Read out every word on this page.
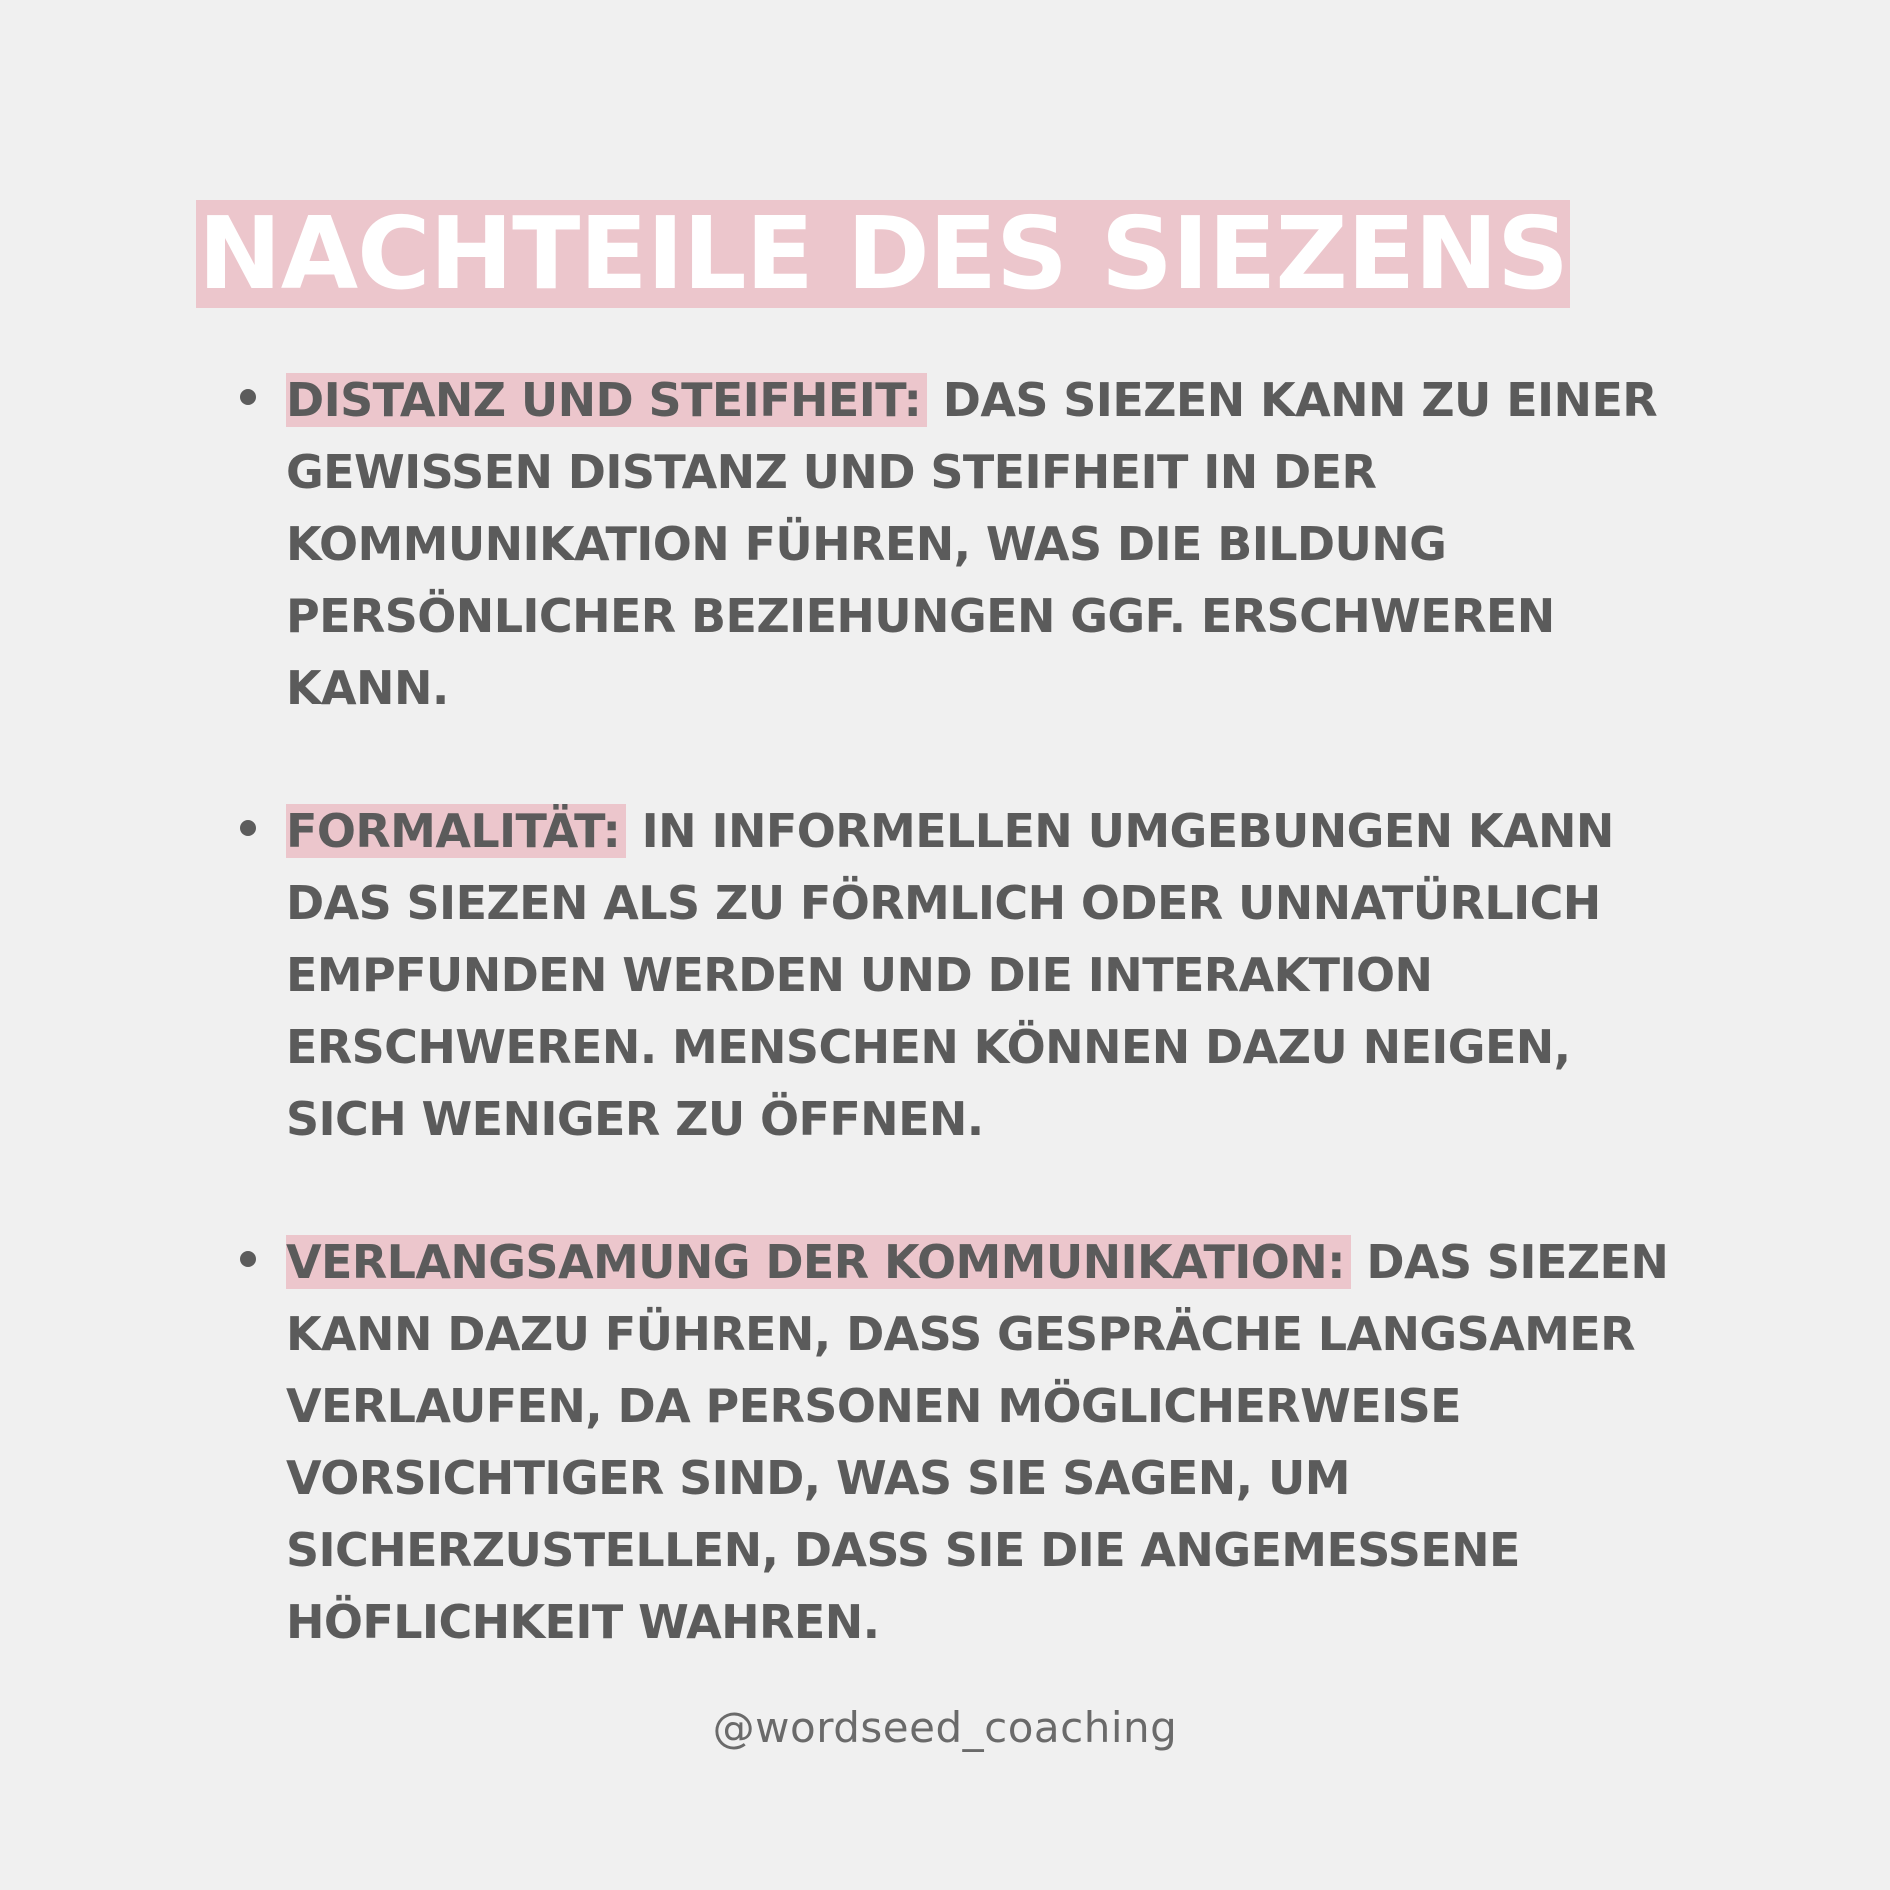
NACHTEILE DES SIEZENS

DISTANZ UND STEIFHEIT: DAS SIEZEN KANN ZU EINER GEWISSEN DISTANZ UND STEIFHEIT IN DER KOMMUNIKATION FÜHREN, WAS DIE BILDUNG PERSÖNLICHER BEZIEHUNGEN GGF. ERSCHWEREN KANN.

FORMALITÄT: IN INFORMELLEN UMGEBUNGEN KANN DAS SIEZEN ALS ZU FÖRMLICH ODER UNNATÜRLICH EMPFUNDEN WERDEN UND DIE INTERAKTION ERSCHWEREN. MENSCHEN KÖNNEN DAZU NEIGEN, SICH WENIGER ZU ÖFFNEN.

VERLANGSAMUNG DER KOMMUNIKATION: DAS SIEZEN KANN DAZU FÜHREN, DASS GESPRÄCHE LANGSAMER VERLAUFEN, DA PERSONEN MÖGLICHERWEISE VORSICHTIGER SIND, WAS SIE SAGEN, UM SICHERZUSTELLEN, DASS SIE DIE ANGEMESSENE HÖFLICHKEIT WAHREN.

@wordseed_coaching
